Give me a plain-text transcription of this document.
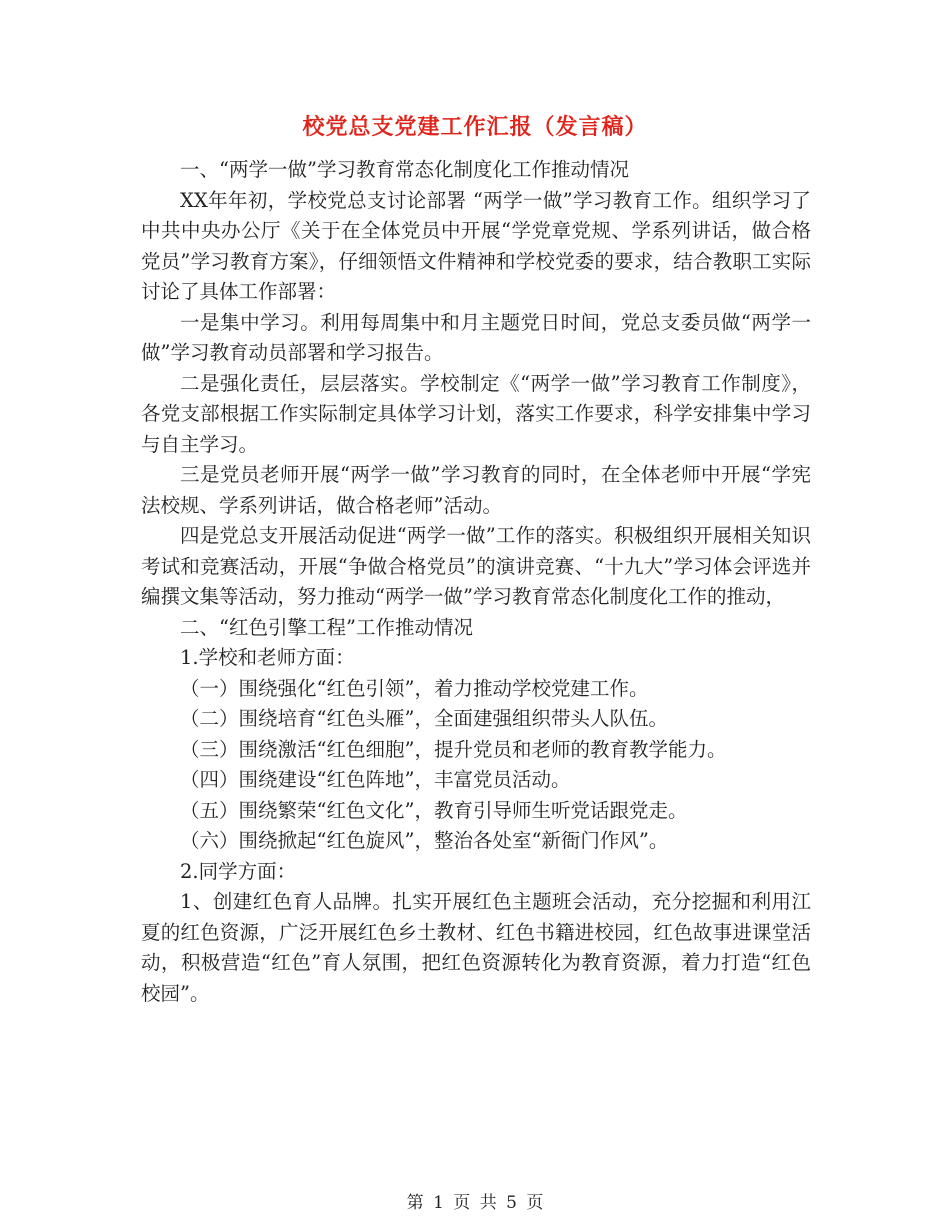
校党总支党建工作汇报（发言稿）

一、“两学一做”学习教育常态化制度化工作推动情况

XX年年初，学校党总支讨论部署 “两学一做”学习教育工作。组织学习了中共中央办公厅《关于在全体党员中开展“学党章党规、学系列讲话，做合格党员”学习教育方案》，仔细领悟文件精神和学校党委的要求，结合教职工实际讨论了具体工作部署：

一是集中学习。利用每周集中和月主题党日时间，党总支委员做“两学一做”学习教育动员部署和学习报告。

二是强化责任，层层落实。学校制定《“两学一做”学习教育工作制度》，各党支部根据工作实际制定具体学习计划，落实工作要求，科学安排集中学习与自主学习。

三是党员老师开展“两学一做”学习教育的同时，在全体老师中开展“学宪法校规、学系列讲话，做合格老师”活动。

四是党总支开展活动促进“两学一做”工作的落实。积极组织开展相关知识考试和竞赛活动，开展“争做合格党员”的演讲竞赛、“十九大”学习体会评选并编撰文集等活动，努力推动“两学一做”学习教育常态化制度化工作的推动，

二、“红色引擎工程”工作推动情况

1.学校和老师方面：

（一）围绕强化“红色引领”，着力推动学校党建工作。

（二）围绕培育“红色头雁”，全面建强组织带头人队伍。

（三）围绕激活“红色细胞”，提升党员和老师的教育教学能力。

（四）围绕建设“红色阵地”，丰富党员活动。

（五）围绕繁荣“红色文化”，教育引导师生听党话跟党走。

（六）围绕掀起“红色旋风”，整治各处室“新衙门作风”。

2.同学方面：

1、创建红色育人品牌。扎实开展红色主题班会活动，充分挖掘和利用江夏的红色资源，广泛开展红色乡土教材、红色书籍进校园，红色故事进课堂活动，积极营造“红色”育人氛围，把红色资源转化为教育资源，着力打造“红色校园”。

第 1 页 共 5 页
